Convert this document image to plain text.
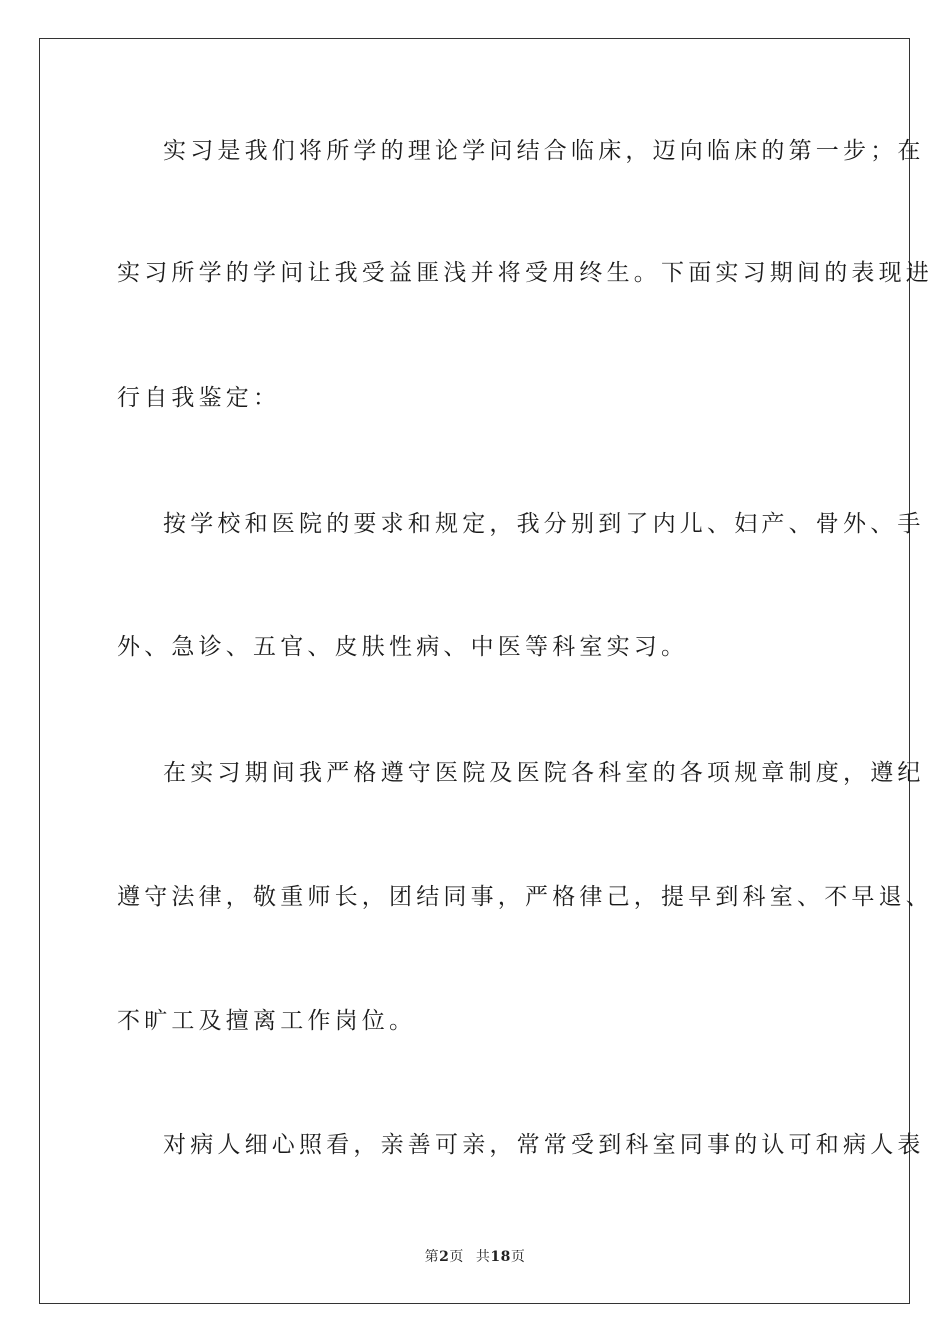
实习是我们将所学的理论学问结合临床，迈向临床的第一步；在
实习所学的学问让我受益匪浅并将受用终生。下面实习期间的表现进
行自我鉴定：
按学校和医院的要求和规定，我分别到了内儿、妇产、骨外、手
外、急诊、五官、皮肤性病、中医等科室实习。
在实习期间我严格遵守医院及医院各科室的各项规章制度，遵纪
遵守法律，敬重师长，团结同事，严格律己，提早到科室、不早退、
不旷工及擅离工作岗位。
对病人细心照看，亲善可亲，常常受到科室同事的认可和病人表
第2页 共18页
